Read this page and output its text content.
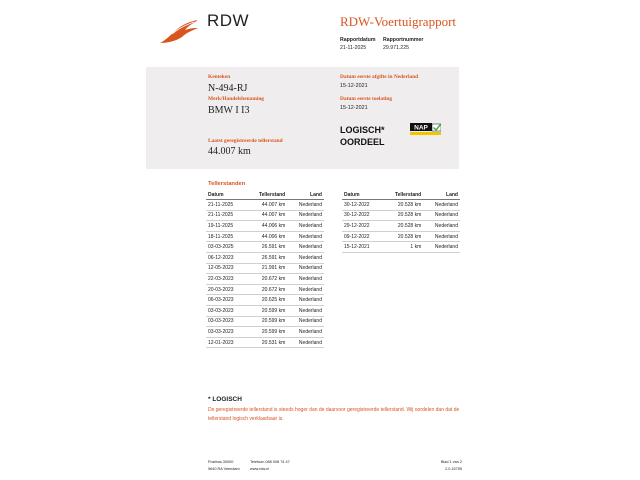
RDW	RDW-Voertuigrapport
Rapportdatum
21-11-2025
Rapportnummer
29.971.225
Kenteken
N-494-RJ
Merk/Handelsbenaming
BMW I I3
Laatst geregistreerde tellerstand
44.007 km
Datum eerste afgifte in Nederland
15-12-2021
Datum eerste toelating
15-12-2021
LOGISCH*
OORDEEL
NAP
Tellerstanden
Datum	Tellerstand	Land
21-11-2025	44.007 km	Nederland
21-11-2025	44.007 km	Nederland
19-11-2025	44.006 km	Nederland
18-11-2025	44.006 km	Nederland
03-03-2025	26.591 km	Nederland
06-12-2023	26.591 km	Nederland
12-05-2023	21.991 km	Nederland
22-03-2023	20.672 km	Nederland
20-03-2023	20.672 km	Nederland
06-03-2023	20.625 km	Nederland
03-03-2023	20.599 km	Nederland
03-03-2023	20.599 km	Nederland
03-03-2023	20.599 km	Nederland
12-01-2023	20.531 km	Nederland
Datum	Tellerstand	Land
30-12-2022	20.528 km	Nederland
30-12-2022	20.528 km	Nederland
29-12-2022	20.528 km	Nederland
09-12-2022	20.528 km	Nederland
15-12-2021	1 km	Nederland
* LOGISCH
De geregistreerde tellerstand is steeds hoger dan de daarvoor geregistreerde tellerstand. Wij oordelen dan dat de tellerstand logisch verklaarbaar is.
Postbus 30000
9640 RA Veendam
Telefoon 088 008 74 47
www.rdw.nl
Blad 1 van 2
2.0.15755
